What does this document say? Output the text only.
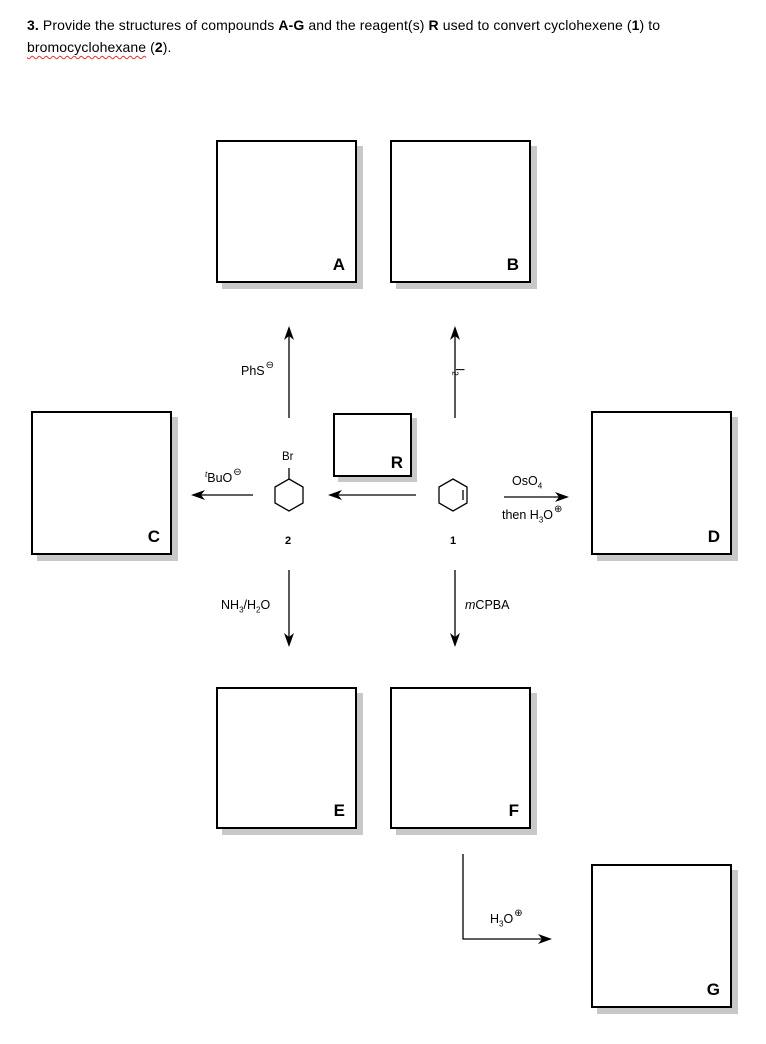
3. Provide the structures of compounds A-G and the reagent(s) R used to convert cyclohexene (1) to bromocyclohexane (2).
A	B
C
R
D
E	F
G
Br
2	1
PhS⊖	$I_2$
$^t$BuO⊖
OsO$_4$
then $H_3O^\oplus$
$NH_3/H_2O$	mCPBA
$H_3O^\oplus$
